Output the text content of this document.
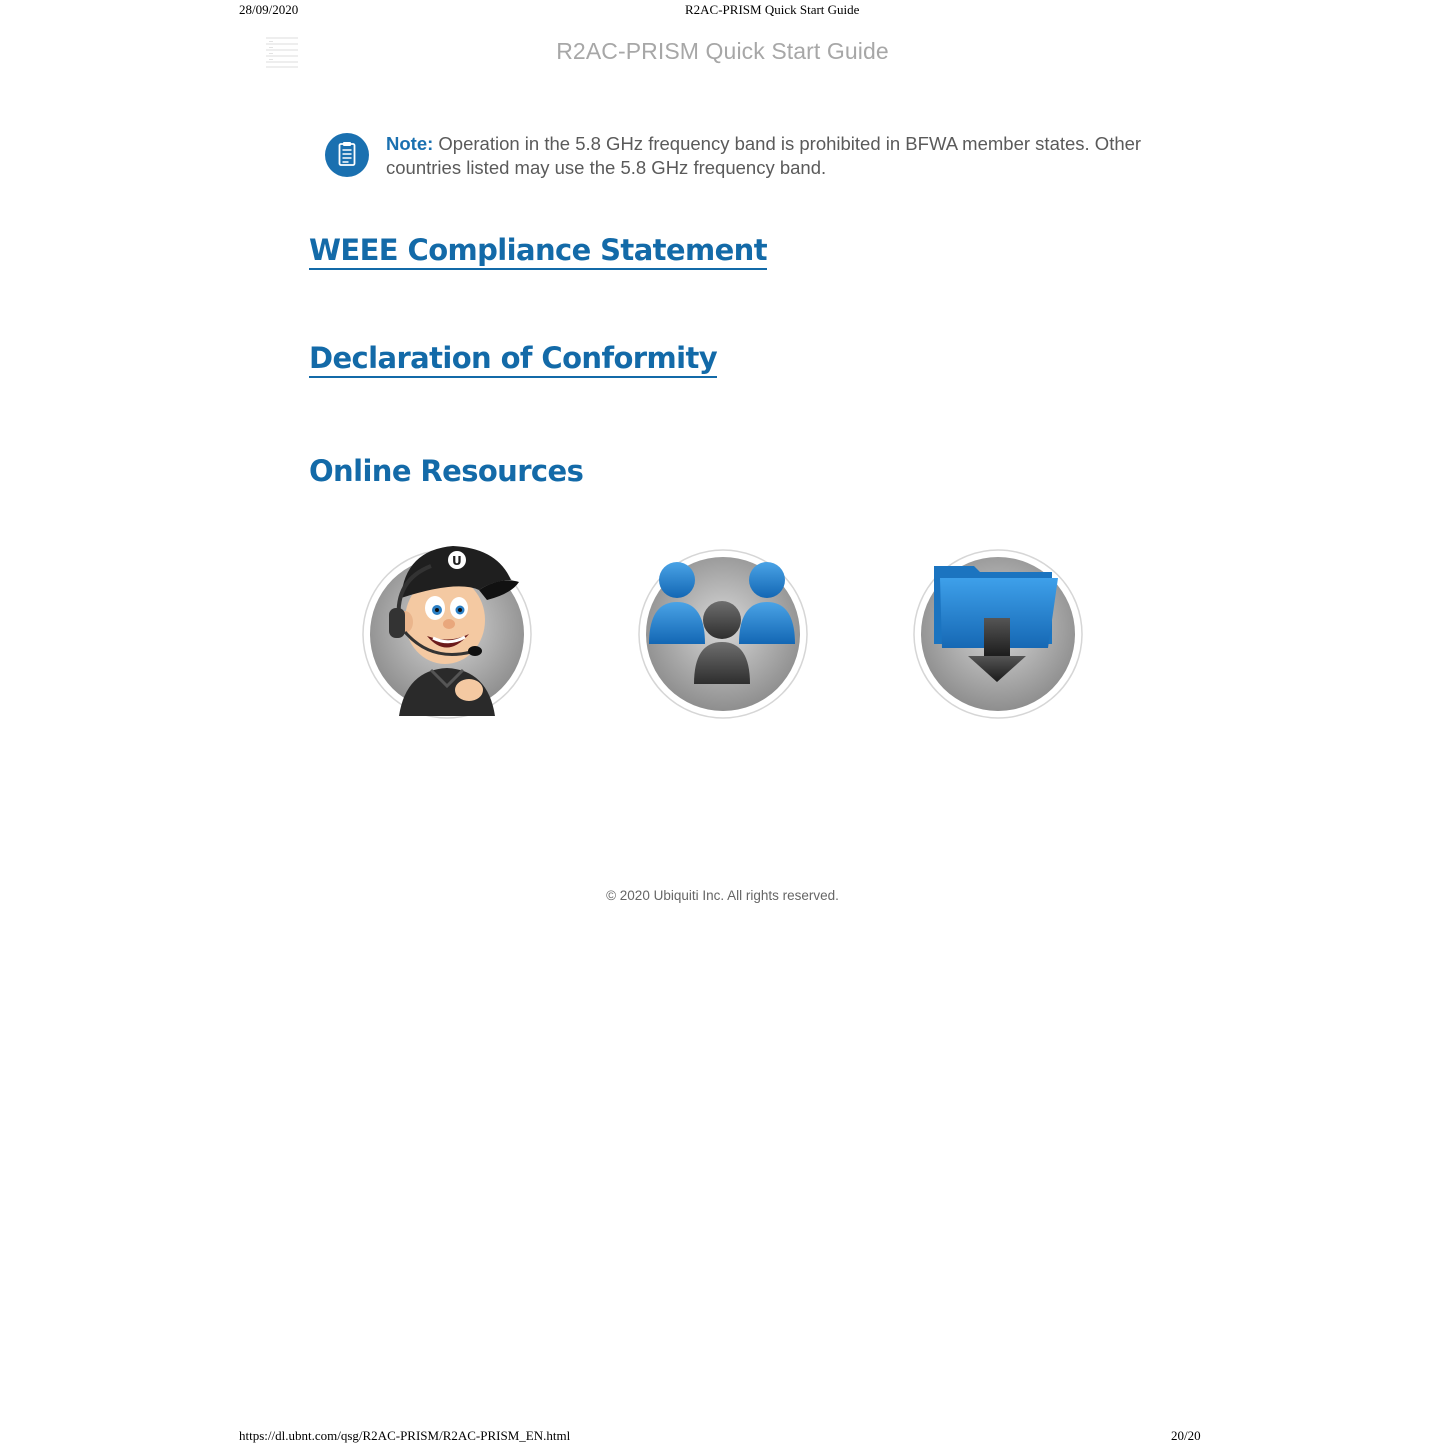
28/09/2020	R2AC-PRISM Quick Start Guide
R2AC-PRISM Quick Start Guide
Note: Operation in the 5.8 GHz frequency band is prohibited in BFWA member states. Other countries listed may use the 5.8 GHz frequency band.
WEEE Compliance Statement
Declaration of Conformity
Online Resources
U
© 2020 Ubiquiti Inc. All rights reserved.
https://dl.ubnt.com/qsg/R2AC-PRISM/R2AC-PRISM_EN.html	20/20
